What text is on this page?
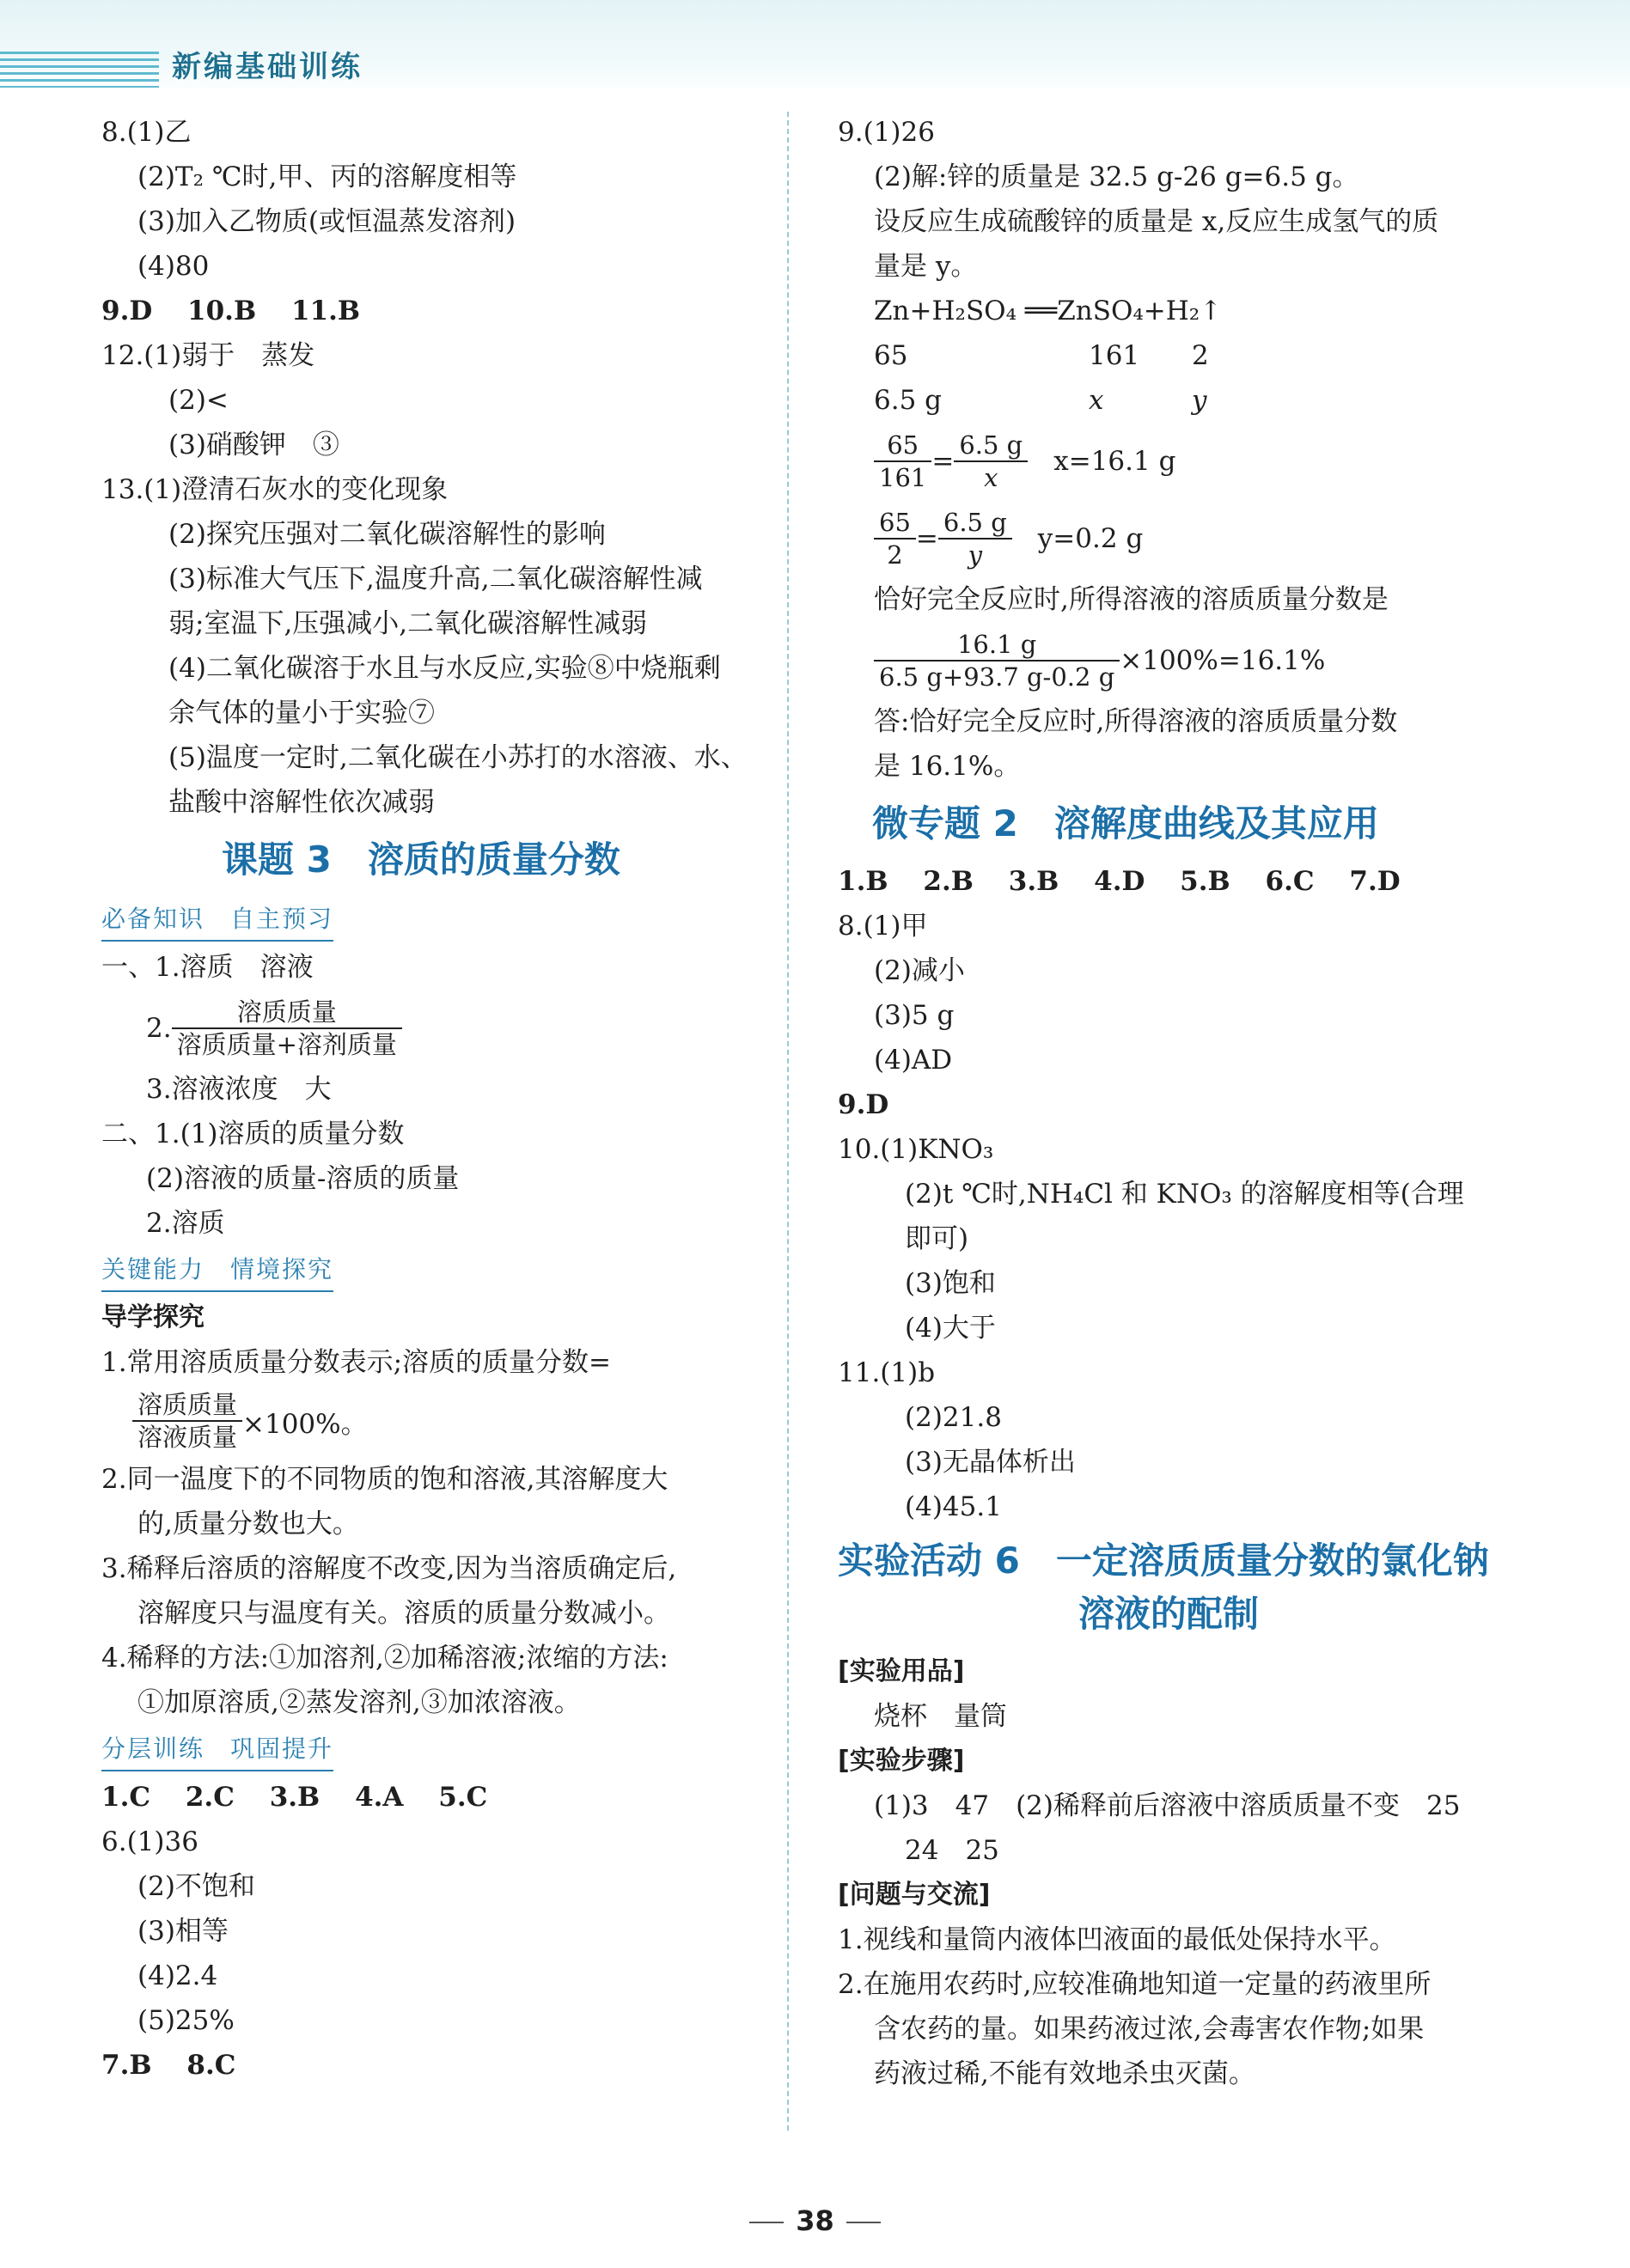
新编基础训练
8.(1)乙
(2)T₂ ℃时,甲、丙的溶解度相等
(3)加入乙物质(或恒温蒸发溶剂)
(4)80
9.D 10.B 11.B
12.(1)弱于　蒸发
(2)<
(3)硝酸钾　③
13.(1)澄清石灰水的变化现象
(2)探究压强对二氧化碳溶解性的影响
(3)标准大气压下,温度升高,二氧化碳溶解性减
弱;室温下,压强减小,二氧化碳溶解性减弱
(4)二氧化碳溶于水且与水反应,实验⑧中烧瓶剩
余气体的量小于实验⑦
(5)温度一定时,二氧化碳在小苏打的水溶液、水、
盐酸中溶解性依次减弱
课题 3　溶质的质量分数
必备知识　自主预习
一、1.溶质　溶液
2. $\frac{\text{溶质质量}}{\text{溶质质量+溶剂质量}}$
3.溶液浓度　大
二、1.(1)溶质的质量分数
(2)溶液的质量-溶质的质量
2.溶质
关键能力　情境探究
导学探究
1.常用溶质质量分数表示;溶质的质量分数=
$\frac{\text{溶质质量}}{\text{溶液质量}} \times 100\%$。
2.同一温度下的不同物质的饱和溶液,其溶解度大
的,质量分数也大。
3.稀释后溶质的溶解度不改变,因为当溶质确定后,
溶解度只与温度有关。溶质的质量分数减小。
4.稀释的方法:①加溶剂,②加稀溶液;浓缩的方法:
①加原溶质,②蒸发溶剂,③加浓溶液。
分层训练　巩固提升
1.C 2.C 3.B 4.A 5.C
6.(1)36
(2)不饱和
(3)相等
(4)2.4
(5)25%
7.B 8.C
9.(1)26
(2)解:锌的质量是 32.5 g-26 g=6.5 g。
设反应生成硫酸锌的质量是 x,反应生成氢气的质
量是 y。
Zn+H₂SO₄ ══ZnSO₄+H₂↑
65	161 2
6.5 g	x	y
$\frac{65}{161} = \frac{6.5 g}{x} x=16.1$ g
$\frac{65}{2} = \frac{6.5 g}{y} y=0.2$ g
恰好完全反应时,所得溶液的溶质质量分数是
$\frac{16.1 g}{6.5 g+93.7 g-0.2 g} \times 100\%=16.1\%$
答:恰好完全反应时,所得溶液的溶质质量分数
是 16.1%。
微专题 2　溶解度曲线及其应用
1.B 2.B 3.B 4.D 5.B 6.C 7.D
8.(1)甲
(2)减小
(3)5 g
(4)AD
9.D
10.(1)KNO₃
(2)t ℃时,NH₄Cl 和 KNO₃ 的溶解度相等(合理
即可)
(3)饱和
(4)大于
11.(1)b
(2)21.8
(3)无晶体析出
(4)45.1
实验活动 6　一定溶质质量分数的氯化钠
溶液的配制
[实验用品]
烧杯　量筒
[实验步骤]
(1)3　47　(2)稀释前后溶液中溶质质量不变　25
24　25
[问题与交流]
1.视线和量筒内液体凹液面的最低处保持水平。
2.在施用农药时,应较准确地知道一定量的药液里所
含农药的量。如果药液过浓,会毒害农作物;如果
药液过稀,不能有效地杀虫灭菌。
38
